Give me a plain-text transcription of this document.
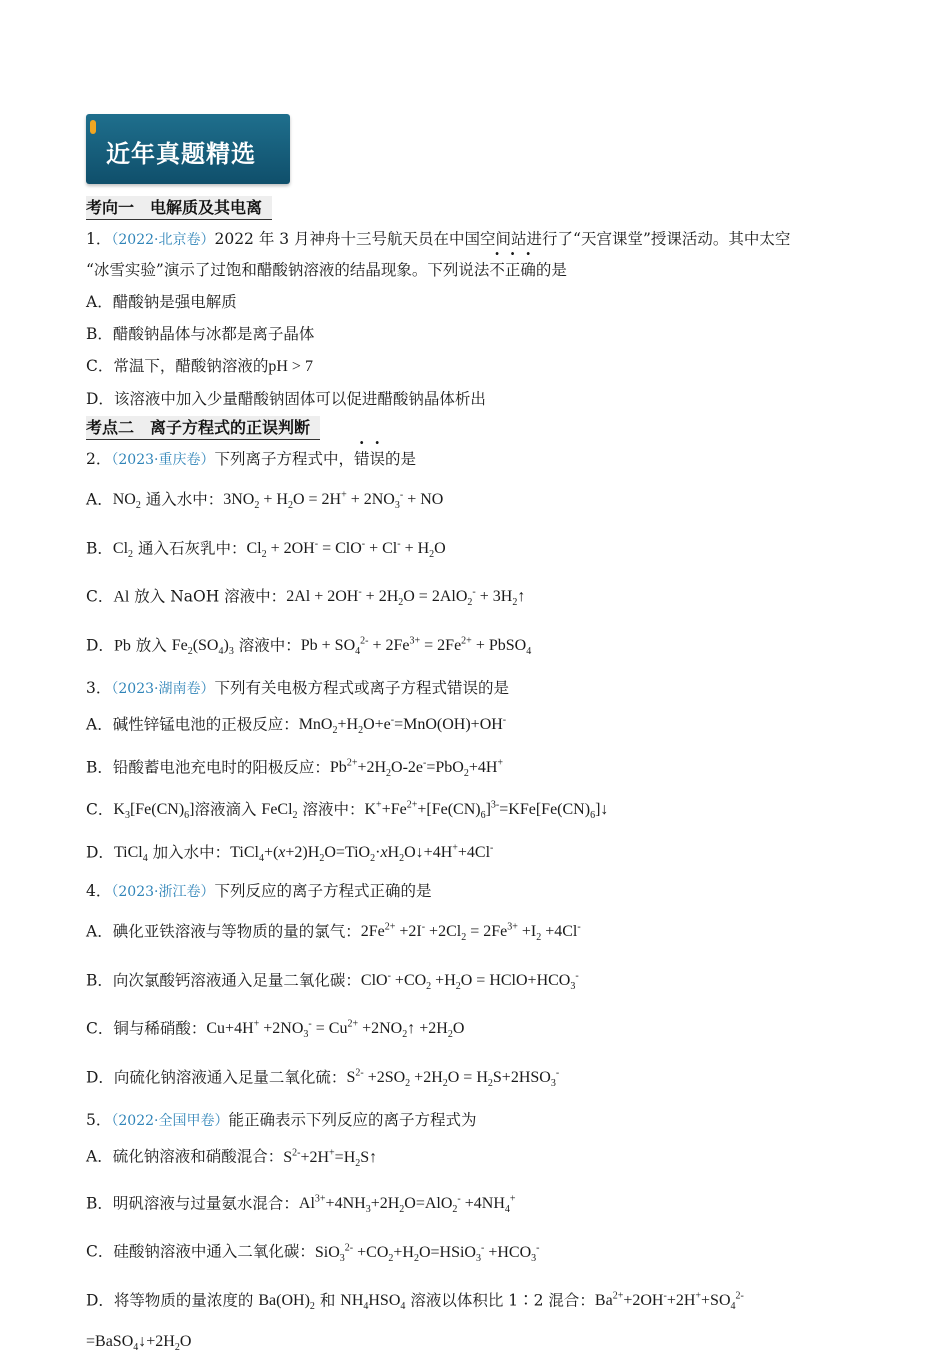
近年真题精选
考向一　电解质及其电离
1．（2022·北京卷）2022 年 3 月神舟十三号航天员在中国空间站进行了“天宫课堂”授课活动。其中太空
“冰雪实验”演示了过饱和醋酸钠溶液的结晶现象。下列说法不正确的是
A．醋酸钠是强电解质
B．醋酸钠晶体与冰都是离子晶体
C．常温下，醋酸钠溶液的pH > 7
D．该溶液中加入少量醋酸钠固体可以促进醋酸钠晶体析出
考点二　离子方程式的正误判断
2．（2023·重庆卷）下列离子方程式中，错误的是
A．$NO_2$ 通入水中：$3NO_2 + H_2O = 2H^+ + 2NO_3^-$ + NO
B．$Cl_2$ 通入石灰乳中：$Cl_2 + 2OH^- = ClO^- + Cl^- + H_2O$
C．Al 放入 NaOH 溶液中：$2Al + 2OH^- + 2H_2O = 2AlO_2^-$ + $3H_2↑$
D．Pb 放入 $Fe_2(SO_4)_3$ 溶液中：$Pb + SO_4^{2-} + 2Fe^{3+} = 2Fe^{2+}$ + PbSO$_4$
3．（2023·湖南卷）下列有关电极方程式或离子方程式错误的是
A．碱性锌锰电池的正极反应：$MnO_2+H_2O+e^-=MnO(OH)+OH^-$
B．铅酸蓄电池充电时的阳极反应：$Pb^{2+}+2H_2O-2e^-=PbO_2+4H^+$
C．$K_3[Fe(CN)_6]$溶液滴入 FeCl$_2$ 溶液中：$K^++Fe^{2+}+[Fe(CN)_6]^{3-}=KFe[Fe(CN)_6]↓$
D．TiCl$_4$ 加入水中：$TiCl_4+(x+2)H_2O=TiO_2\cdot xH_2O↓+4H^++4Cl^-$
4．（2023·浙江卷）下列反应的离子方程式正确的是
A．碘化亚铁溶液与等物质的量的氯气：$2Fe^{2+} +2I^- +2Cl_2 = 2Fe^{3+} +I_2 +4Cl^-$
B．向次氯酸钙溶液通入足量二氧化碳：$ClO^- +CO_2 +H_2O$ = $HClO+HCO_3^-$
C．铜与稀硝酸：$Cu+4H^+ +2NO_3^- = Cu^{2+}$ $+2NO_2↑ +2H_2O$
D．向硫化钠溶液通入足量二氧化硫：$S^{2-} +2SO_2 +2H_2O = H_2S+2HSO_3^-$
5．（2022·全国甲卷）能正确表示下列反应的离子方程式为
A．硫化钠溶液和硝酸混合：$S^{2-}+2H^+=H_2S↑$
B．明矾溶液与过量氨水混合：$Al^{3+}+4NH_3+2H_2O=AlO_2^- +4NH_4^+$
C．硅酸钠溶液中通入二氧化碳：$SiO_3^{2-} +CO_2+H_2O=HSiO_3^- +HCO_3^-$
D．将等物质的量浓度的 $Ba(OH)_2$ 和 $NH_4HSO_4$ 溶液以体积比 1∶2 混合：$Ba^{2+}+2OH^-+2H^++SO_4^{2-}$
$=BaSO_4↓+2H_2O$
